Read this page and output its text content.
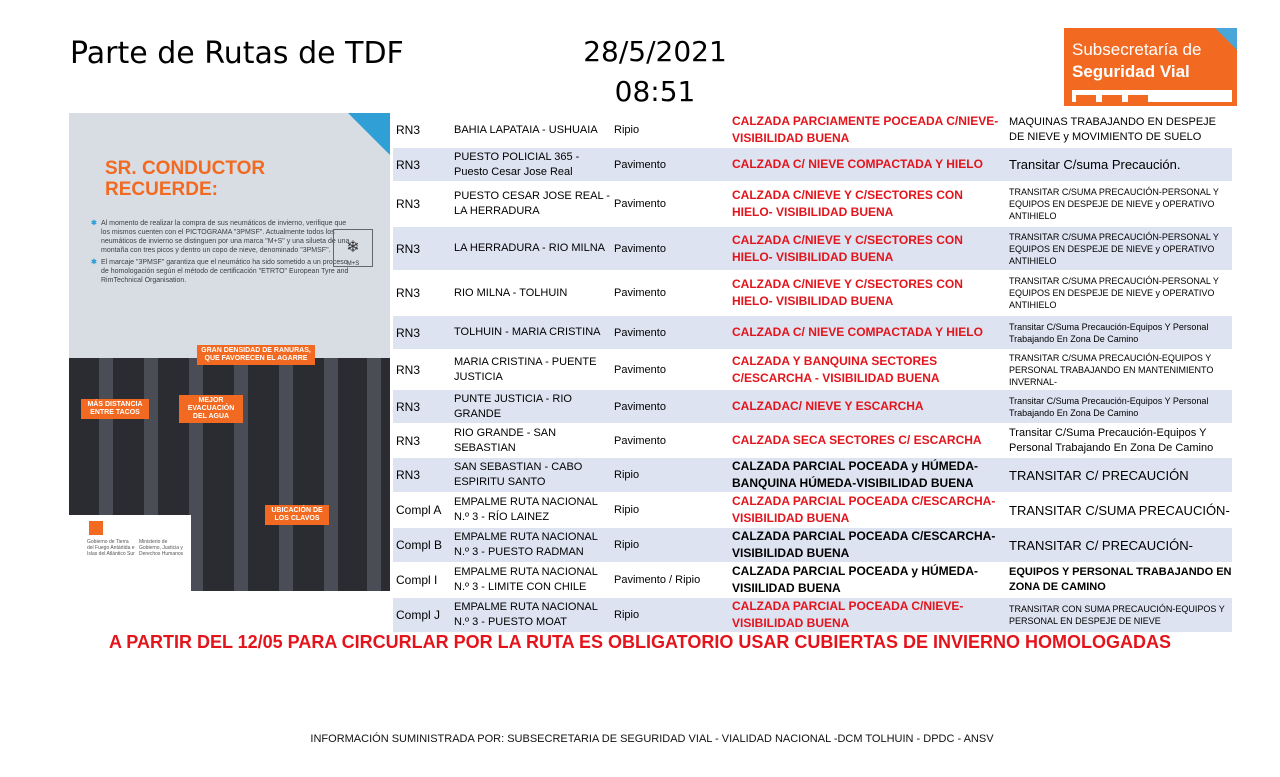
Parte de Rutas de TDF	28/5/2021
08:51
Subsecretaría de
Seguridad Vial
SR. CONDUCTOR
RECUERDE:

✱ Al momento de realizar la compra de sus neumáticos de invierno, verifique que los mismos cuenten con el PICTOGRAMA "3PMSF". Actualmente todos los neumáticos de invierno se distinguen por una marca "M+S" y una silueta de una montaña con tres picos y dentro un copo de nieve, denominado "3PMSF".

✱ El marcaje "3PMSF" garantiza que el neumático ha sido sometido a un proceso de homologación según el método de certificación "ETRTO" European Tyre and RimTechnical Organisation.

❄
M+S
GRAN DENSIDAD DE RANURAS, QUE FAVORECEN EL AGARRE
MÁS DISTANCIA ENTRE TACOS
MEJOR EVACUACIÓN DEL AGUA
UBICACIÓN DE LOS CLAVOS
Gobierno de Tierra del Fuego Antártida e Islas del Atlántico Sur
Ministerio de Gobierno, Justicia y Derechos Humanos
RN3	BAHIA LAPATAIA - USHUAIA	Ripio	CALZADA PARCIAMENTE POCEADA C/NIEVE- VISIBILIDAD BUENA	MAQUINAS TRABAJANDO EN DESPEJE DE NIEVE y MOVIMIENTO DE SUELO
RN3	PUESTO POLICIAL 365 - Puesto Cesar Jose Real	Pavimento	CALZADA C/ NIEVE COMPACTADA Y HIELO	Transitar C/suma Precaución.
RN3	PUESTO CESAR JOSE REAL - LA HERRADURA	Pavimento	CALZADA C/NIEVE Y C/SECTORES CON HIELO- VISIBILIDAD BUENA	TRANSITAR C/SUMA PRECAUCIÓN-PERSONAL Y EQUIPOS EN DESPEJE DE NIEVE y OPERATIVO ANTIHIELO
RN3	LA HERRADURA - RIO MILNA	Pavimento	CALZADA C/NIEVE Y C/SECTORES CON HIELO- VISIBILIDAD BUENA	TRANSITAR C/SUMA PRECAUCIÓN-PERSONAL Y EQUIPOS EN DESPEJE DE NIEVE y OPERATIVO ANTIHIELO
RN3	RIO MILNA - TOLHUIN	Pavimento	CALZADA C/NIEVE Y C/SECTORES CON HIELO- VISIBILIDAD BUENA	TRANSITAR C/SUMA PRECAUCIÓN-PERSONAL Y EQUIPOS EN DESPEJE DE NIEVE y OPERATIVO ANTIHIELO
RN3	TOLHUIN - MARIA CRISTINA	Pavimento	CALZADA C/ NIEVE COMPACTADA Y HIELO	Transitar C/Suma Precaución-Equipos Y Personal Trabajando En Zona De Camino
RN3	MARIA CRISTINA - PUENTE JUSTICIA	Pavimento	CALZADA Y BANQUINA SECTORES C/ESCARCHA - VISIBILIDAD BUENA	TRANSITAR C/SUMA PRECAUCIÓN-EQUIPOS Y PERSONAL TRABAJANDO EN MANTENIMIENTO INVERNAL-
RN3	PUNTE JUSTICIA - RIO GRANDE	Pavimento	CALZADAC/ NIEVE Y ESCARCHA	Transitar C/Suma Precaución-Equipos Y Personal Trabajando En Zona De Camino
RN3	RIO GRANDE - SAN SEBASTIAN	Pavimento	CALZADA SECA SECTORES C/ ESCARCHA	Transitar C/Suma Precaución-Equipos Y Personal Trabajando En Zona De Camino
RN3	SAN SEBASTIAN - CABO ESPIRITU SANTO	Ripio	CALZADA PARCIAL POCEADA y HÚMEDA- BANQUINA HÚMEDA-VISIBILIDAD BUENA	TRANSITAR C/ PRECAUCIÓN
Compl A	EMPALME RUTA NACIONAL N.º 3 - RÍO LAINEZ	Ripio	CALZADA PARCIAL POCEADA C/ESCARCHA- VISIBILIDAD BUENA	TRANSITAR C/SUMA PRECAUCIÓN-
Compl B	EMPALME RUTA NACIONAL N.º 3 - PUESTO RADMAN	Ripio	CALZADA PARCIAL POCEADA C/ESCARCHA- VISIBILIDAD BUENA	TRANSITAR C/ PRECAUCIÓN-
Compl I	EMPALME RUTA NACIONAL N.º 3 - LIMITE CON CHILE	Pavimento / Ripio	CALZADA PARCIAL POCEADA y HÚMEDA- VISIILIDAD BUENA	EQUIPOS Y PERSONAL TRABAJANDO EN ZONA DE CAMINO
Compl J	EMPALME RUTA NACIONAL N.º 3 - PUESTO MOAT	Ripio	CALZADA PARCIAL POCEADA C/NIEVE- VISIBILIDAD BUENA	TRANSITAR CON SUMA PRECAUCIÓN-EQUIPOS Y PERSONAL EN DESPEJE DE NIEVE
A PARTIR DEL 12/05 PARA CIRCURLAR POR LA RUTA ES OBLIGATORIO USAR CUBIERTAS DE INVIERNO HOMOLOGADAS
INFORMACIÓN SUMINISTRADA POR: SUBSECRETARIA DE SEGURIDAD VIAL - VIALIDAD NACIONAL -DCM TOLHUIN - DPDC - ANSV
